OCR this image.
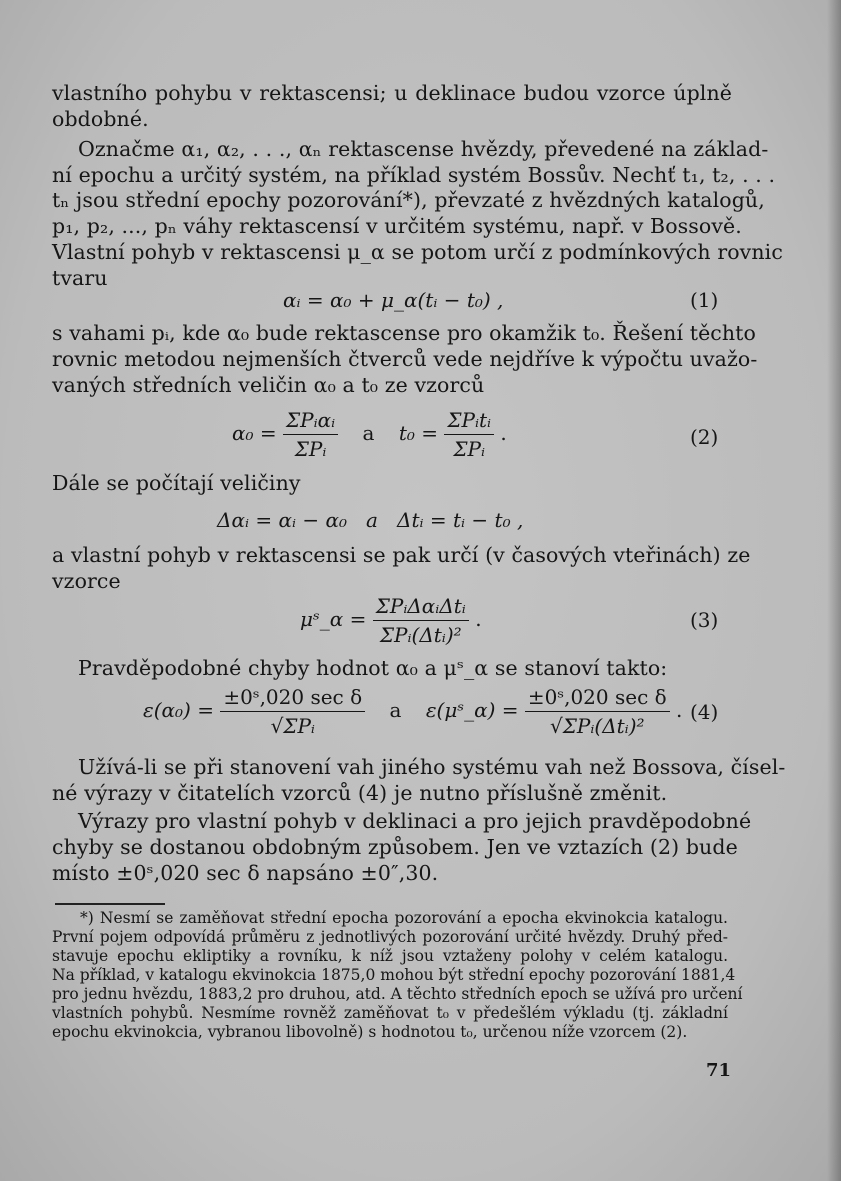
vlastního pohybu v rektascensi; u deklinace budou vzorce úplně
obdobné.
Označme α₁, α₂, . . ., αₙ rektascense hvězdy, převedené na základ-
ní epochu a určitý systém, na příklad systém Bossův. Nechť t₁, t₂, . . .
tₙ jsou střední epochy pozorování*), převzaté z hvězdných katalogů,
p₁, p₂, ..., pₙ váhy rektascensí v určitém systému, např. v Bossově.
Vlastní pohyb v rektascensi μ_α se potom určí z podmínkových rovnic
tvaru
αᵢ = α₀ + μ_α(tᵢ − t₀) ,	(1)
s vahami pᵢ, kde α₀ bude rektascense pro okamžik t₀. Řešení těchto
rovnic metodou nejmenších čtverců vede nejdříve k výpočtu uvažo-
vaných středních veličin α₀ a t₀ ze vzorců
$\alpha_0 = \frac{\text{ΣPᵢαᵢ}}{\text{ΣPᵢ}}$ a $t_0 = \frac{\text{ΣPᵢtᵢ}}{\text{ΣPᵢ}}$ .	(2)
Dále se počítají veličiny
Δαᵢ = αᵢ − α₀   a   Δtᵢ = tᵢ − t₀ ,
a vlastní pohyb v rektascensi se pak určí (v časových vteřinách) ze
vzorce
μˢ_α = $\frac{\text{ΣPᵢΔαᵢΔtᵢ}}{\text{ΣPᵢ(Δtᵢ)²}}$ .	(3)
Pravděpodobné chyby hodnot α₀ a μˢ_α se stanoví takto:
$\varepsilon(\alpha_0) = \frac{\text{±0ˢ,020 sec δ}}{\text{√ΣPᵢ}}$ a ε(μˢ_α) = $\frac{\text{±0ˢ,020 sec δ}}{\text{√ΣPᵢ(Δtᵢ)²}}$ . (4)
Užívá-li se při stanovení vah jiného systému vah než Bossova, čísel-
né výrazy v čitatelích vzorců (4) je nutno příslušně změnit.
Výrazy pro vlastní pohyb v deklinaci a pro jejich pravděpodobné
chyby se dostanou obdobným způsobem. Jen ve vztazích (2) bude
místo ±0ˢ,020 sec δ napsáno ±0″,30.
*) Nesmí se zaměňovat střední epocha pozorování a epocha ekvinokcia katalogu.
První pojem odpovídá průměru z jednotlivých pozorování určité hvězdy. Druhý před-
stavuje epochu ekliptiky a rovníku, k níž jsou vztaženy polohy v celém katalogu.
Na příklad, v katalogu ekvinokcia 1875,0 mohou být střední epochy pozorování 1881,4
pro jednu hvězdu, 1883,2 pro druhou, atd. A těchto středních epoch se užívá pro určení
vlastních pohybů. Nesmíme rovněž zaměňovat t₀ v předešlém výkladu (tj. základní
epochu ekvinokcia, vybranou libovolně) s hodnotou t₀, určenou níže vzorcem (2).
71
